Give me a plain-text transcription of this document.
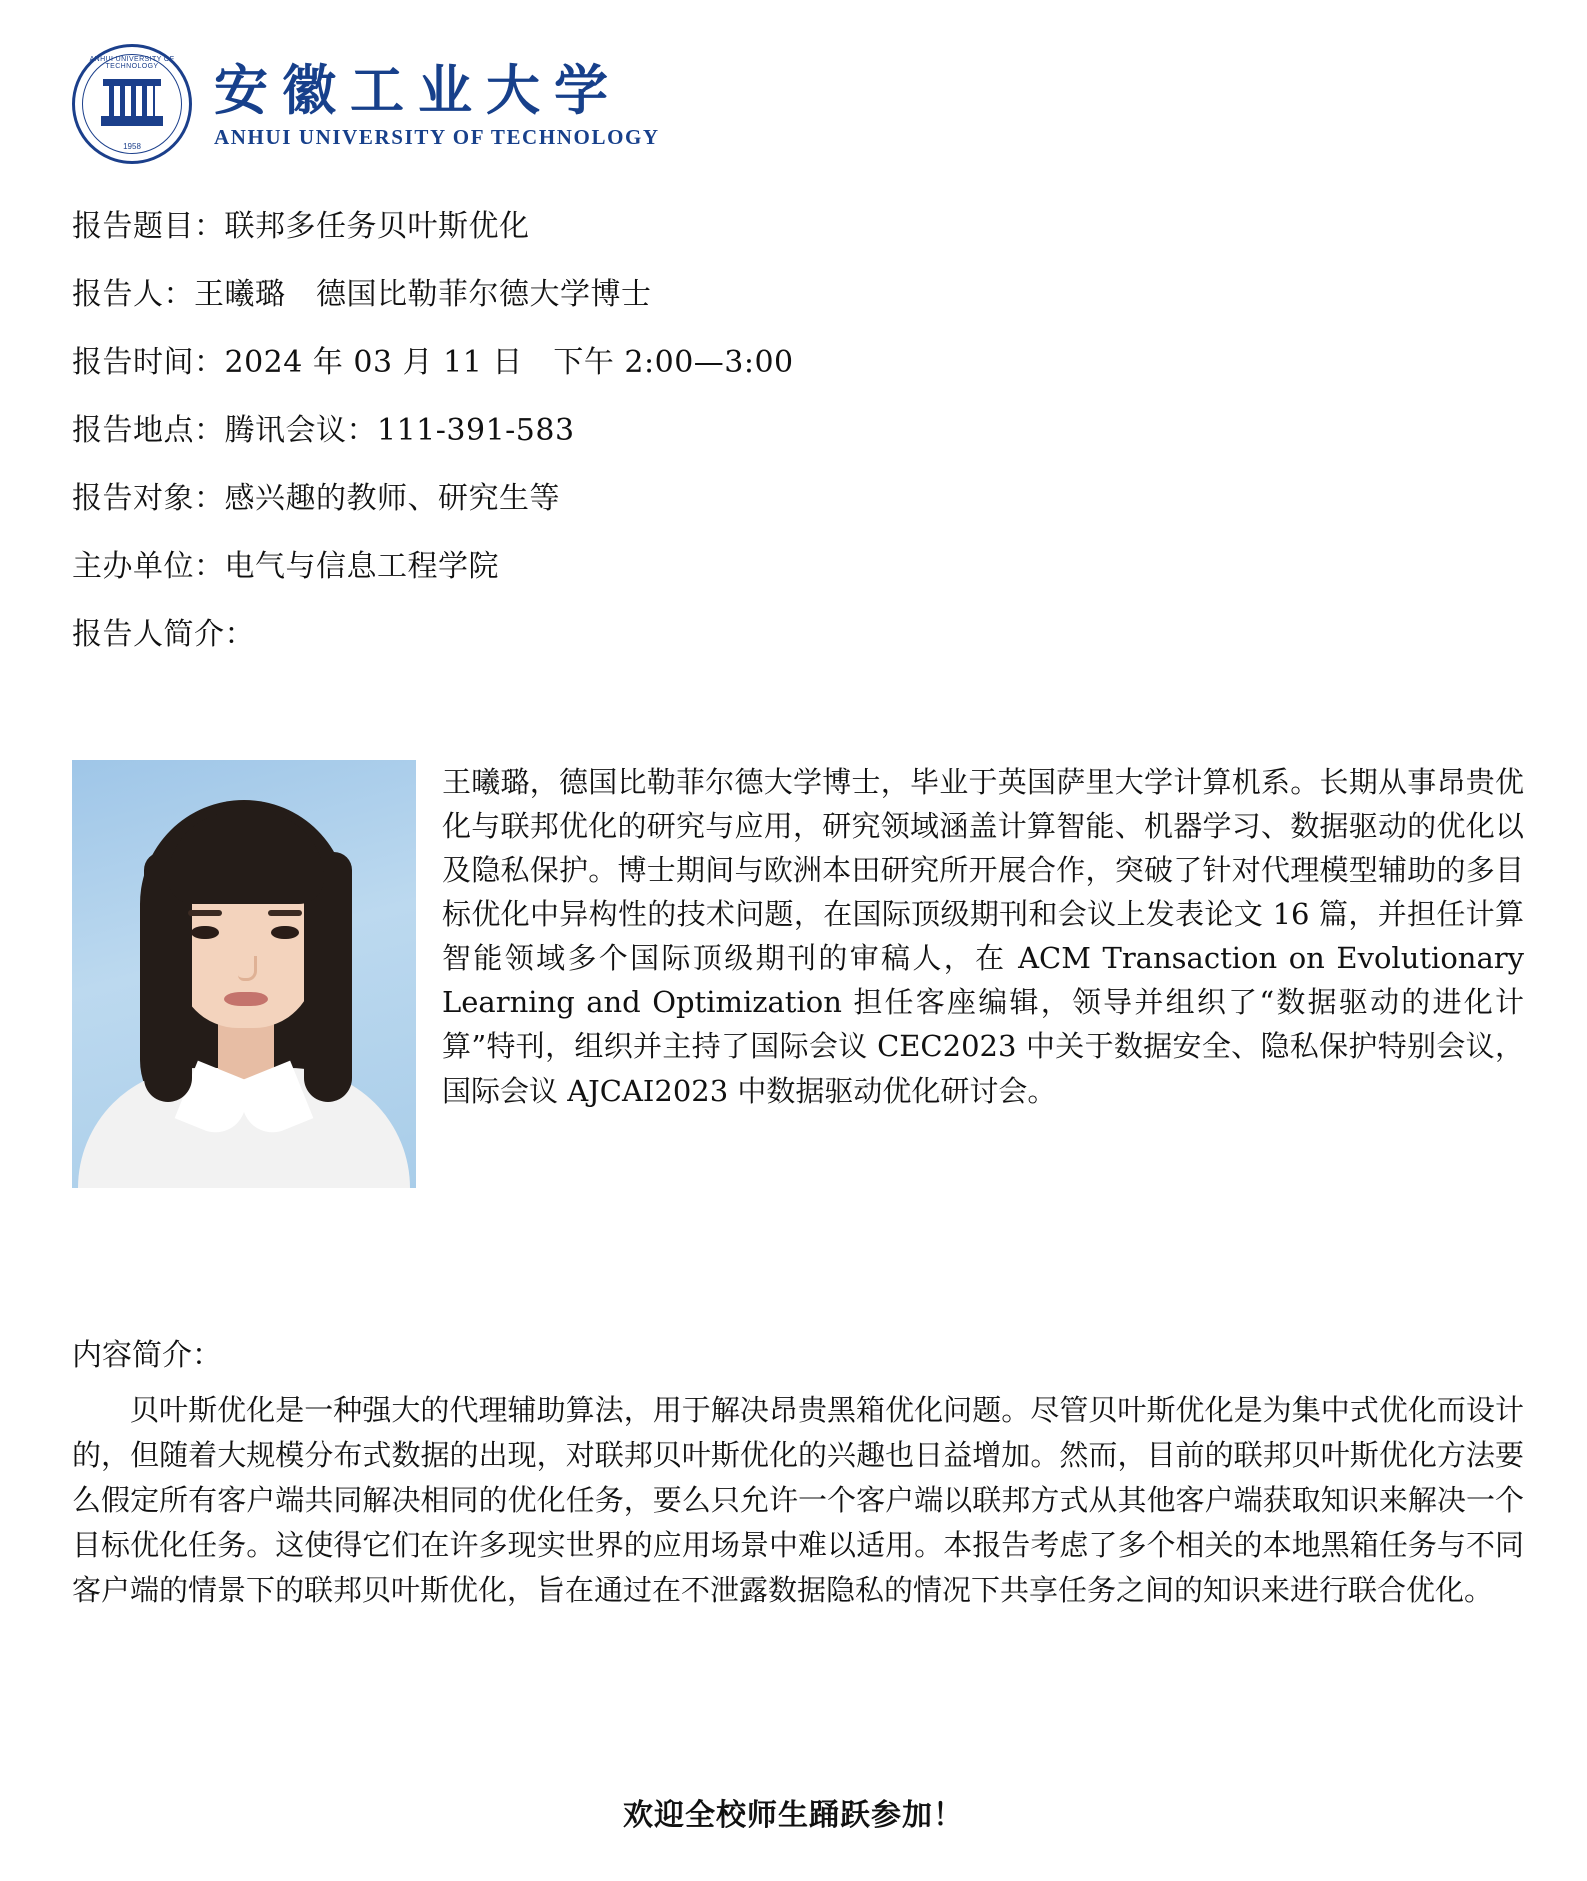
ANHUI UNIVERSITY OF TECHNOLOGY
1958
安徽工业大学
ANHUI UNIVERSITY OF TECHNOLOGY
报告题目：联邦多任务贝叶斯优化
报告人：王曦璐　德国比勒菲尔德大学博士
报告时间：2024 年 03 月 11 日　下午 2:00—3:00
报告地点：腾讯会议：111-391-583
报告对象：感兴趣的教师、研究生等
主办单位：电气与信息工程学院
报告人简介：
王曦璐，德国比勒菲尔德大学博士，毕业于英国萨里大学计算机系。长期从事昂贵优化与联邦优化的研究与应用，研究领域涵盖计算智能、机器学习、数据驱动的优化以及隐私保护。博士期间与欧洲本田研究所开展合作，突破了针对代理模型辅助的多目标优化中异构性的技术问题，在国际顶级期刊和会议上发表论文 16 篇，并担任计算智能领域多个国际顶级期刊的审稿人，在 ACM Transaction on Evolutionary Learning and Optimization 担任客座编辑，领导并组织了“数据驱动的进化计算”特刊，组织并主持了国际会议 CEC2023 中关于数据安全、隐私保护特别会议，国际会议 AJCAI2023 中数据驱动优化研讨会。
内容简介：
贝叶斯优化是一种强大的代理辅助算法，用于解决昂贵黑箱优化问题。尽管贝叶斯优化是为集中式优化而设计的，但随着大规模分布式数据的出现，对联邦贝叶斯优化的兴趣也日益增加。然而，目前的联邦贝叶斯优化方法要么假定所有客户端共同解决相同的优化任务，要么只允许一个客户端以联邦方式从其他客户端获取知识来解决一个目标优化任务。这使得它们在许多现实世界的应用场景中难以适用。本报告考虑了多个相关的本地黑箱任务与不同客户端的情景下的联邦贝叶斯优化，旨在通过在不泄露数据隐私的情况下共享任务之间的知识来进行联合优化。
欢迎全校师生踊跃参加！
